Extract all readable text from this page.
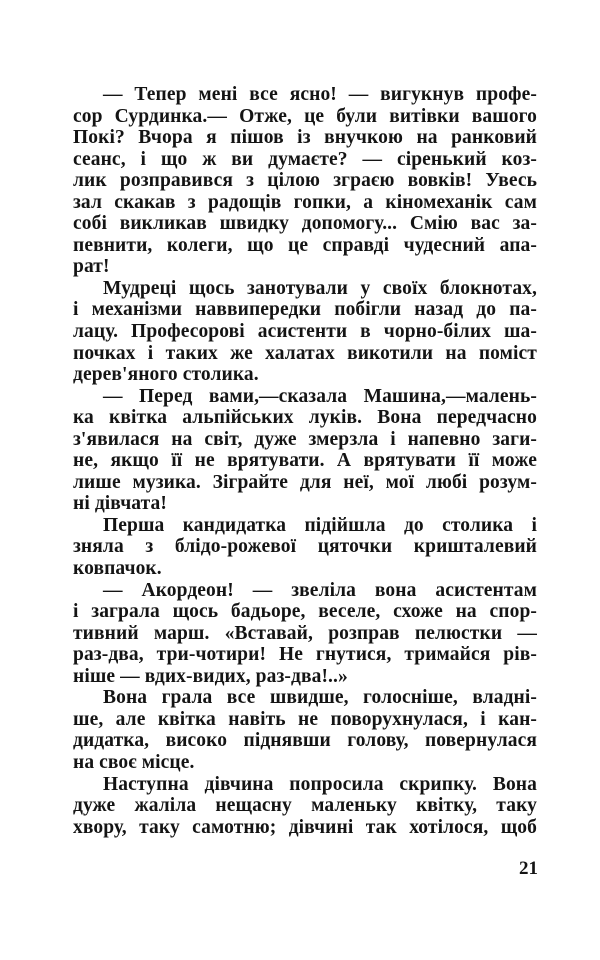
— Тепер мені все ясно! — вигукнув профе-
сор Сурдинка.— Отже, це були витівки вашого
Покі? Вчора я пішов із внучкою на ранковий
сеанс, і що ж ви думаєте? — сіренький коз-
лик розправився з цілою зграєю вовків! Увесь
зал скакав з радощів гопки, а кіномеханік сам
собі викликав швидку допомогу... Смію вас за-
певнити, колеги, що це справді чудесний апа-
рат!
Мудреці щось занотували у своїх блокнотах,
і механізми наввипередки побігли назад до па-
лацу. Професорові асистенти в чорно-білих ша-
почках і таких же халатах викотили на поміст
дерев'яного столика.
— Перед вами,—сказала Машина,—малень-
ка квітка альпійських луків. Вона передчасно
з'явилася на світ, дуже змерзла і напевно заги-
не, якщо її не врятувати. А врятувати її може
лише музика. Зіграйте для неї, мої любі розум-
ні дівчата!
Перша кандидатка підійшла до столика і
зняла з блідо-рожевої цяточки кришталевий
ковпачок.
— Акордеон! — звеліла вона асистентам
і заграла щось бадьоре, веселе, схоже на спор-
тивний марш. «Вставай, розправ пелюстки —
раз-два, три-чотири! Не гнутися, тримайся рів-
ніше — вдих-видих, раз-два!..»
Вона грала все швидше, голосніше, владні-
ше, але квітка навіть не поворухнулася, і кан-
дидатка, високо піднявши голову, повернулася
на своє місце.
Наступна дівчина попросила скрипку. Вона
дуже жаліла нещасну маленьку квітку, таку
хвору, таку самотню; дівчині так хотілося, щоб
21
